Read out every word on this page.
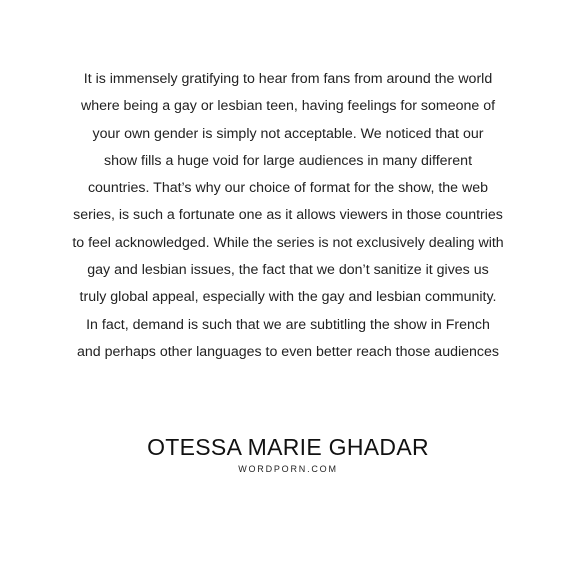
It is immensely gratifying to hear from fans from around the world
where being a gay or lesbian teen, having feelings for someone of
your own gender is simply not acceptable. We noticed that our
show fills a huge void for large audiences in many different
countries. That’s why our choice of format for the show, the web
series, is such a fortunate one as it allows viewers in those countries
to feel acknowledged. While the series is not exclusively dealing with
gay and lesbian issues, the fact that we don’t sanitize it gives us
truly global appeal, especially with the gay and lesbian community.
In fact, demand is such that we are subtitling the show in French
and perhaps other languages to even better reach those audiences

OTESSA MARIE GHADAR
WORDPORN.COM
